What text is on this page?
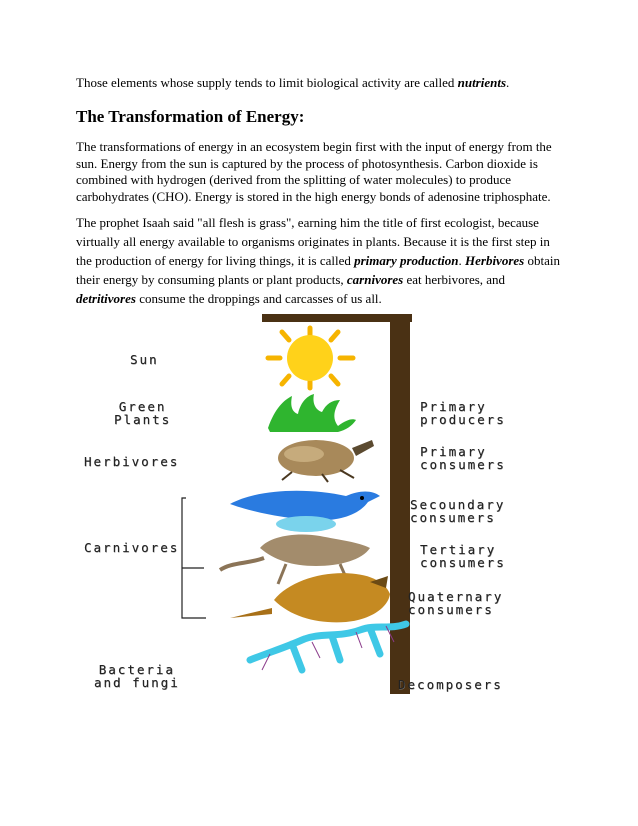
Those elements whose supply tends to limit biological activity are called nutrients.

The Transformation of Energy:

The transformations of energy in an ecosystem begin first with the input of energy from the sun. Energy from the sun is captured by the process of photosynthesis. Carbon dioxide is combined with hydrogen (derived from the splitting of water molecules) to produce carbohydrates (CHO). Energy is stored in the high energy bonds of adenosine triphosphate.

The prophet Isaah said "all flesh is grass", earning him the title of first ecologist, because virtually all energy available to organisms originates in plants. Because it is the first step in the production of energy for living things, it is called primary production. Herbivores obtain their energy by consuming plants or plant products, carnivores eat herbivores, and detritivores consume the droppings and carcasses of us all.

Sun
Green
Plants
Herbivores
Carnivores
Bacteria
and fungi
Primary
producers
Primary
consumers
Secoundary
consumers
Tertiary
consumers
Quaternary
consumers
Decomposers
